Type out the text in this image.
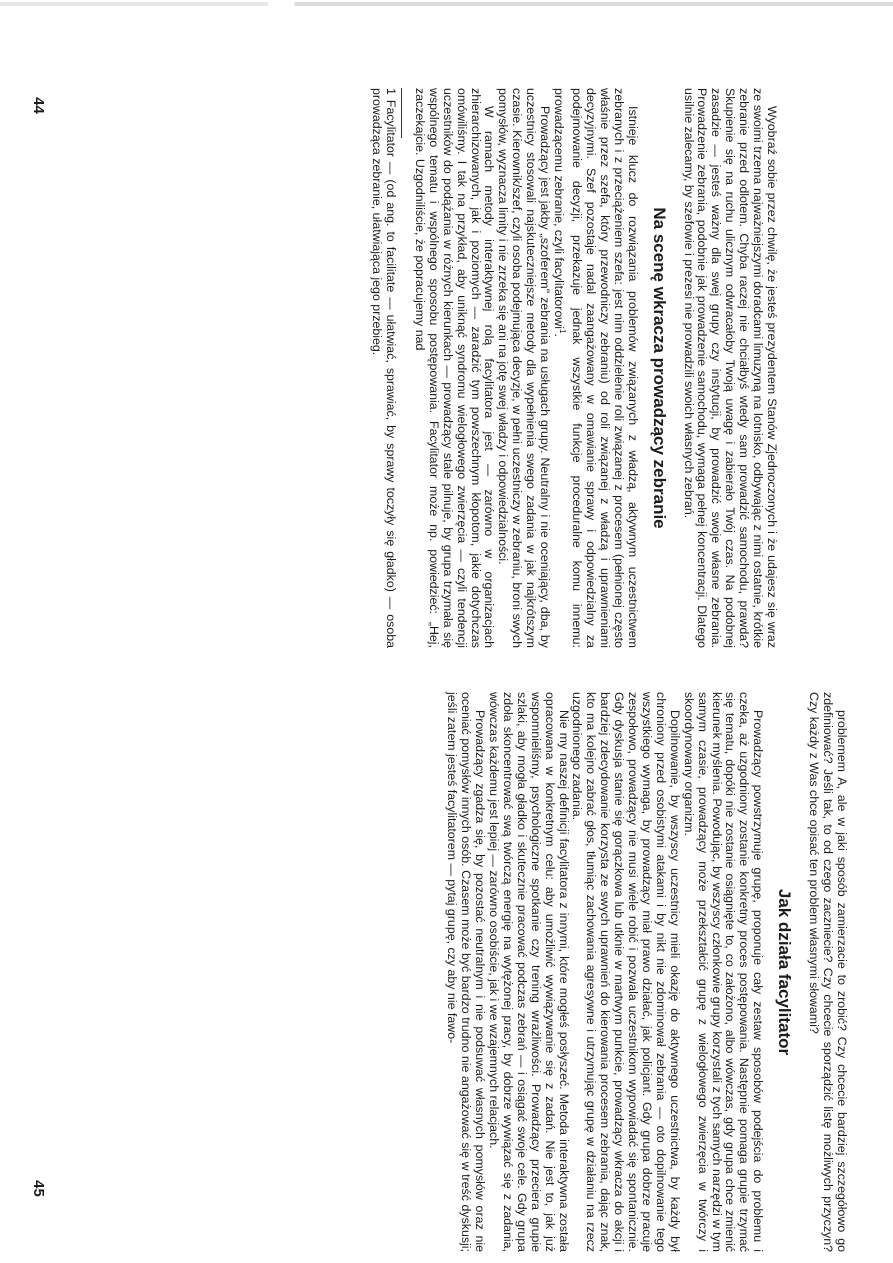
Wyobraź sobie przez chwilę, że jesteś prezydentem Stanów Zjednoczonych i że udajesz się wraz ze swoimi trzema najważniejszymi doradcami limuzyną na lotnisko, odbywając z nimi ostatnie, krótkie zebranie przed odlotem. Chyba raczej nie chciałbyś wtedy sam prowadzić samochodu, prawda? Skupienie się na ruchu ulicznym odwracałoby Twoją uwagę i zabierało Twój czas. Na podobnej zasadzie — jesteś ważny dla swej grupy czy instytucji, by prowadzić swoje własne zebrania. Prowadzenie zebrania, podobnie jak prowadzenie samochodu, wymaga pełnej koncentracji. Dlatego usilnie zalecamy, by szefowie i prezesi nie prowadzili swoich własnych zebrań.

Na scenę wkracza prowadzący zebranie

Istnieje klucz do rozwiązania problemów związanych z władzą, aktywnym uczestnictwem zebranych i z przeciążeniem szefa: jest nim oddzielenie roli związanej z procesem (pełnionej często właśnie przez szefa, który przewodniczy zebraniu) od roli związanej z władzą i uprawnieniami decyzyjnymi. Szef pozostaje nadal zaangażowany w omawianie sprawy i odpowiedzialny za podejmowanie decyzji, przekazuje jednak wszystkie funkcje proceduralne komu innemu: prowadzącemu zebranie, czyli facylitatorowi$^1$.

Prowadzący jest jakby „szoferem" zebrania na usługach grupy. Neutralny i nie oceniający, dba, by uczestnicy stosowali najskuteczniejsze metody dla wypełnienia swego zadania w jak najkrótszym czasie. Kierownik/szef, czyli osoba podejmująca decyzje, w pełni uczestniczy w zebraniu, broni swych pomysłów, wyznacza limity i nie zrzeka się ani na jotę swej władzy i odpowiedzialności.

W ramach metody interaktywnej rolą facylitatora jest — zarówno w organizacjach zhierarchizowanych, jak i poziomych — zaradzić tym powszechnym kłopotom, jakie dotychczas omówiliśmy. I tak na przykład, aby uniknąć syndromu wielogłowego zwierzęcia — czyli tendencji uczestników do podążania w różnych kierunkach — prowadzący stale pilnuje, by grupa trzymała się wspólnego tematu i wspólnego sposobu postępowania. Facylitator może np. powiedzieć: „Hej, zaczekajcie. Uzgodniliście, że popracujemy nad

1 Facylitator — (od ang. to facilitate — ułatwiać, sprawiać, by sprawy toczyły się gładko) — osoba prowadząca zebranie, ułatwiająca jego przebieg.

44

problemem A, ale w jaki sposób zamierzacie to zrobić? Czy chcecie bardziej szczegółowo go zdefiniować? Jeśli tak, to od czego zaczniecie? Czy chcecie sporządzić listę możliwych przyczyn? Czy każdy z Was chce opisać ten problem własnymi słowami?

Jak działa facylitator

Prowadzący powstrzymuje grupę, proponuje cały zestaw sposobów podejścia do problemu i czeka, aż uzgodniony zostanie konkretny proces postępowania. Następnie pomaga grupie trzymać się tematu, dopóki nie zostanie osiągnięte to, co założono, albo wówczas, gdy grupa chce zmienić kierunek myślenia. Powodując, by wszyscy członkowie grupy korzystali z tych samych narzędzi w tym samym czasie, prowadzący może przekształcić grupę z wielogłowego zwierzęcia w twórczy i skoordynowany organizm.

Dopilnowanie, by wszyscy uczestnicy mieli okazję do aktywnego uczestnictwa, by każdy był chroniony przed osobistymi atakami i by nikt nie zdominował zebrania — oto dopilnowanie tego wszystkiego wymaga, by prowadzący miał prawo działać, jak policjant. Gdy grupa dobrze pracuje zespołowo, prowadzący nie musi wiele robić i pozwala uczestnikom wypowiadać się spontanicznie. Gdy dyskusja stanie się gorączkowa lub utknie w martwym punkcie, prowadzący wkracza do akcji i bardziej zdecydowanie korzysta ze swych uprawnień do kierowania procesem zebrania, dając znak, kto ma kolejno zabrać głos, tłumiąc zachowania agresywne i utrzymując grupę w działaniu na rzecz uzgodnionego zadania.

Nie my naszej definicji facylitatora z innymi, które mogłeś posłyszeć. Metoda interaktywna została opracowana w konkretnym celu: aby umożliwić wywiązywanie się z zadań. Nie jest to, jak już wspomnieliśmy, psychologiczne spotkanie czy trening wrażliwości. Prowadzący przeciera grupie szlaki, aby mogła gładko i skutecznie pracować podczas zebrań — i osiągać swoje cele. Gdy grupa zdoła skoncentrować swą twórczą energię na wytężonej pracy, by dobrze wywiązać się z zadania, wówczas każdemu jest lepiej — zarówno osobiście, jak i we wzajemnych relacjach.

Prowadzący zgadza się, by pozostać neutralnym i nie podsuwać własnych pomysłów oraz nie oceniać pomysłów innych osób. Czasem może być bardzo trudno nie angażować się w treść dyskusji; jeśli zatem jesteś facylitatorem — pytaj grupę, czy aby nie fawo-

45
